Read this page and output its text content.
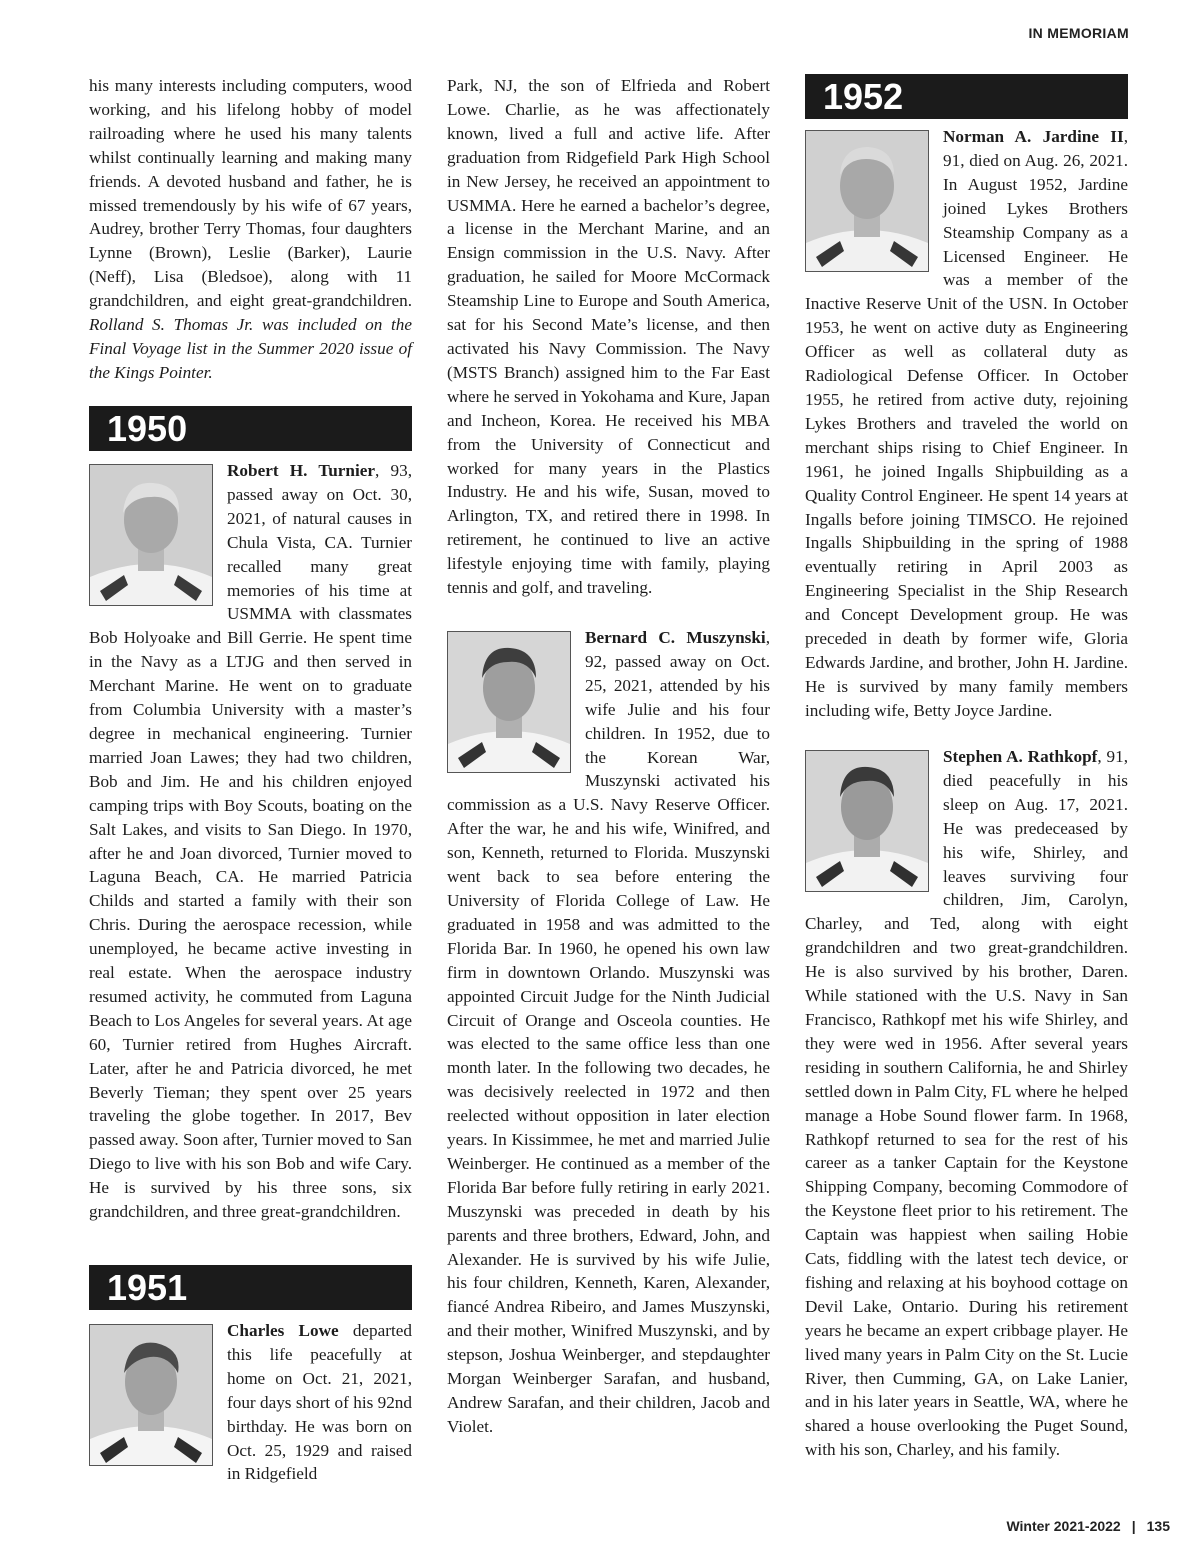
IN MEMORIAM

his many interests including computers, wood working, and his lifelong hobby of model railroading where he used his many talents whilst continually learning and making many friends. A devoted husband and father, he is missed tremendously by his wife of 67 years, Audrey, brother Terry Thomas, four daughters Lynne (Brown), Leslie (Barker), Laurie (Neff), Lisa (Bledsoe), along with 11 grandchildren, and eight great-grandchildren. Rolland S. Thomas Jr. was included on the Final Voyage list in the Summer 2020 issue of the Kings Pointer.

1950

Robert H. Turnier, 93, passed away on Oct. 30, 2021, of natural causes in Chula Vista, CA. Turnier recalled many great memories of his time at USMMA with classmates Bob Holyoake and Bill Gerrie. He spent time in the Navy as a LTJG and then served in Merchant Marine. He went on to graduate from Columbia University with a master’s degree in mechanical engineering. Turnier married Joan Lawes; they had two children, Bob and Jim. He and his children enjoyed camping trips with Boy Scouts, boating on the Salt Lakes, and visits to San Diego. In 1970, after he and Joan divorced, Turnier moved to Laguna Beach, CA. He married Patricia Childs and started a family with their son Chris. During the aerospace recession, while unemployed, he became active investing in real estate. When the aerospace industry resumed activity, he commuted from Laguna Beach to Los Angeles for several years. At age 60, Turnier retired from Hughes Aircraft. Later, after he and Patricia divorced, he met Beverly Tieman; they spent over 25 years traveling the globe together. In 2017, Bev passed away. Soon after, Turnier moved to San Diego to live with his son Bob and wife Cary. He is survived by his three sons, six grandchildren, and three great-grandchildren.

1951

Charles Lowe departed this life peacefully at home on Oct. 21, 2021, four days short of his 92nd birthday. He was born on Oct. 25, 1929 and raised in Ridgefield

Park, NJ, the son of Elfrieda and Robert Lowe. Charlie, as he was affectionately known, lived a full and active life. After graduation from Ridgefield Park High School in New Jersey, he received an appointment to USMMA. Here he earned a bachelor’s degree, a license in the Merchant Marine, and an Ensign commission in the U.S. Navy. After graduation, he sailed for Moore McCormack Steamship Line to Europe and South America, sat for his Second Mate’s license, and then activated his Navy Commission. The Navy (MSTS Branch) assigned him to the Far East where he served in Yokohama and Kure, Japan and Incheon, Korea. He received his MBA from the University of Connecticut and worked for many years in the Plastics Industry. He and his wife, Susan, moved to Arlington, TX, and retired there in 1998. In retirement, he continued to live an active lifestyle enjoying time with family, playing tennis and golf, and traveling.

Bernard C. Muszynski, 92, passed away on Oct. 25, 2021, attended by his wife Julie and his four children. In 1952, due to the Korean War, Muszynski activated his commission as a U.S. Navy Reserve Officer. After the war, he and his wife, Winifred, and son, Kenneth, returned to Florida. Muszynski went back to sea before entering the University of Florida College of Law. He graduated in 1958 and was admitted to the Florida Bar. In 1960, he opened his own law firm in downtown Orlando. Muszynski was appointed Circuit Judge for the Ninth Judicial Circuit of Orange and Osceola counties. He was elected to the same office less than one month later. In the following two decades, he was decisively reelected in 1972 and then reelected without opposition in later election years. In Kissimmee, he met and married Julie Weinberger. He continued as a member of the Florida Bar before fully retiring in early 2021. Muszynski was preceded in death by his parents and three brothers, Edward, John, and Alexander. He is survived by his wife Julie, his four children, Kenneth, Karen, Alexander, fiancé Andrea Ribeiro, and James Muszynski, and their mother, Winifred Muszynski, and by stepson, Joshua Weinberger, and stepdaughter Morgan Weinberger Sarafan, and husband, Andrew Sarafan, and their children, Jacob and Violet.

1952

Norman A. Jardine II, 91, died on Aug. 26, 2021. In August 1952, Jardine joined Lykes Brothers Steamship Company as a Licensed Engineer. He was a member of the Inactive Reserve Unit of the USN. In October 1953, he went on active duty as Engineering Officer as well as collateral duty as Radiological Defense Officer. In October 1955, he retired from active duty, rejoining Lykes Brothers and traveled the world on merchant ships rising to Chief Engineer. In 1961, he joined Ingalls Shipbuilding as a Quality Control Engineer. He spent 14 years at Ingalls before joining TIMSCO. He rejoined Ingalls Shipbuilding in the spring of 1988 eventually retiring in April 2003 as Engineering Specialist in the Ship Research and Concept Development group. He was preceded in death by former wife, Gloria Edwards Jardine, and brother, John H. Jardine. He is survived by many family members including wife, Betty Joyce Jardine.

Stephen A. Rathkopf, 91, died peacefully in his sleep on Aug. 17, 2021. He was predeceased by his wife, Shirley, and leaves surviving four children, Jim, Carolyn, Charley, and Ted, along with eight grandchildren and two great-grandchildren. He is also survived by his brother, Daren. While stationed with the U.S. Navy in San Francisco, Rathkopf met his wife Shirley, and they were wed in 1956. After several years residing in southern California, he and Shirley settled down in Palm City, FL where he helped manage a Hobe Sound flower farm. In 1968, Rathkopf returned to sea for the rest of his career as a tanker Captain for the Keystone Shipping Company, becoming Commodore of the Keystone fleet prior to his retirement. The Captain was happiest when sailing Hobie Cats, fiddling with the latest tech device, or fishing and relaxing at his boyhood cottage on Devil Lake, Ontario. During his retirement years he became an expert cribbage player. He lived many years in Palm City on the St. Lucie River, then Cumming, GA, on Lake Lanier, and in his later years in Seattle, WA, where he shared a house overlooking the Puget Sound, with his son, Charley, and his family.

Winter 2021-2022 | 135
